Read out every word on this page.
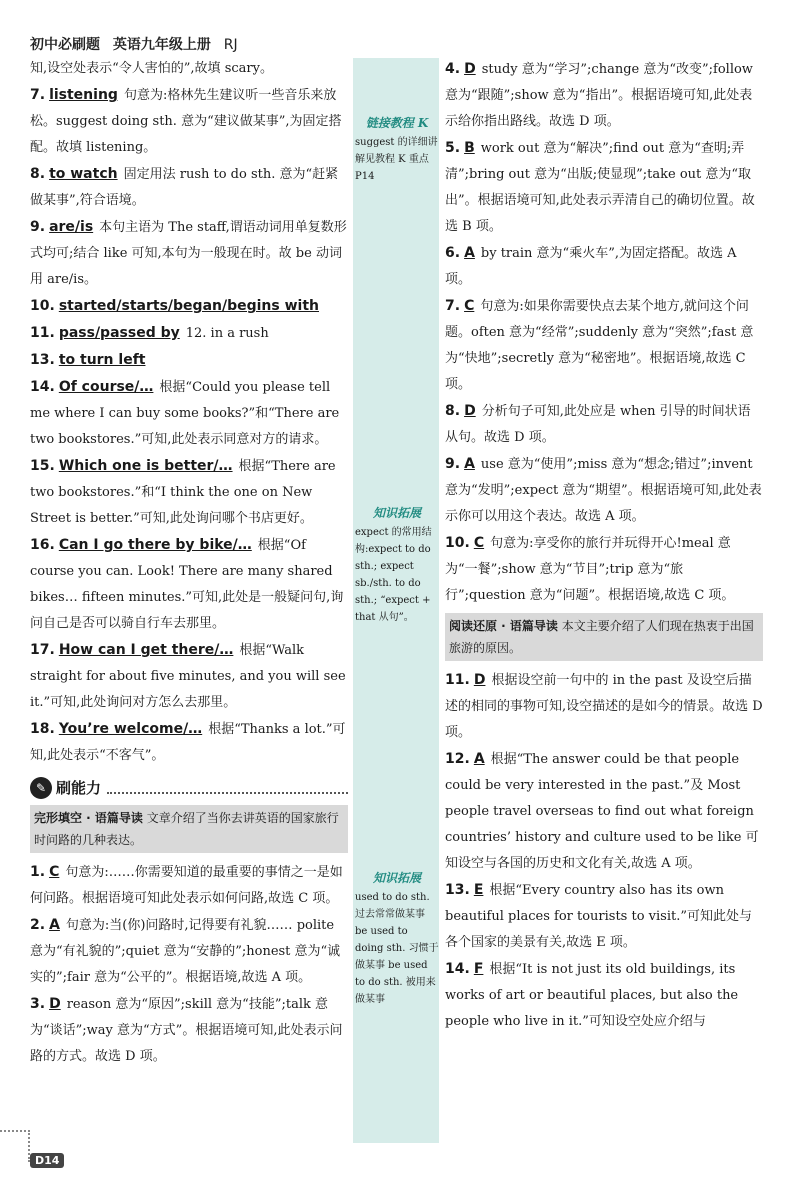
初中必刷题 英语九年级上册 RJ
链接教程 K
suggest 的详细讲解见教程 K 重点 P14
知识拓展
expect 的常用结构:expect to do sth.; expect sb./sth. to do sth.; “expect + that 从句”。
知识拓展
used to do sth. 过去常常做某事 be used to doing sth. 习惯于做某事 be used to do sth. 被用来做某事

知,设空处表示“令人害怕的”,故填 scary。

7. listening 句意为:格林先生建议听一些音乐来放松。suggest doing sth. 意为“建议做某事”,为固定搭配。故填 listening。

8. to watch 固定用法 rush to do sth. 意为“赶紧做某事”,符合语境。

9. are/is 本句主语为 The staff,谓语动词用单复数形式均可;结合 like 可知,本句为一般现在时。故 be 动词用 are/is。

10. started/starts/began/begins with

11. pass/passed by 12. in a rush

13. to turn left

14. Of course/… 根据“Could you please tell me where I can buy some books?”和“There are two bookstores.”可知,此处表示同意对方的请求。

15. Which one is better/… 根据“There are two bookstores.”和“I think the one on New Street is better.”可知,此处询问哪个书店更好。

16. Can I go there by bike/… 根据“Of course you can. Look! There are many shared bikes… fifteen minutes.”可知,此处是一般疑问句,询问自己是否可以骑自行车去那里。

17. How can I get there/… 根据“Walk straight for about five minutes, and you will see it.”可知,此处询问对方怎么去那里。

18. You’re welcome/… 根据“Thanks a lot.”可知,此处表示“不客气”。

✎ 刷能力
完形填空 · 语篇导读 文章介绍了当你去讲英语的国家旅行时问路的几种表达。

1. C 句意为:……你需要知道的最重要的事情之一是如何问路。根据语境可知此处表示如何问路,故选 C 项。

2. A 句意为:当(你)问路时,记得要有礼貌…… polite 意为“有礼貌的”;quiet 意为“安静的”;honest 意为“诚实的”;fair 意为“公平的”。根据语境,故选 A 项。

3. D reason 意为“原因”;skill 意为“技能”;talk 意为“谈话”;way 意为“方式”。根据语境可知,此处表示问路的方式。故选 D 项。

4. D study 意为“学习”;change 意为“改变”;follow 意为“跟随”;show 意为“指出”。根据语境可知,此处表示给你指出路线。故选 D 项。

5. B work out 意为“解决”;find out 意为“查明;弄清”;bring out 意为“出版;使显现”;take out 意为“取出”。根据语境可知,此处表示弄清自己的确切位置。故选 B 项。

6. A by train 意为“乘火车”,为固定搭配。故选 A 项。

7. C 句意为:如果你需要快点去某个地方,就问这个问题。often 意为“经常”;suddenly 意为“突然”;fast 意为“快地”;secretly 意为“秘密地”。根据语境,故选 C 项。

8. D 分析句子可知,此处应是 when 引导的时间状语从句。故选 D 项。

9. A use 意为“使用”;miss 意为“想念;错过”;invent 意为“发明”;expect 意为“期望”。根据语境可知,此处表示你可以用这个表达。故选 A 项。

10. C 句意为:享受你的旅行并玩得开心!meal 意为“一餐”;show 意为“节目”;trip 意为“旅行”;question 意为“问题”。根据语境,故选 C 项。

阅读还原 · 语篇导读 本文主要介绍了人们现在热衷于出国旅游的原因。

11. D 根据设空前一句中的 in the past 及设空后描述的相同的事物可知,设空描述的是如今的情景。故选 D 项。

12. A 根据“The answer could be that people could be very interested in the past.”及 Most people travel overseas to find out what foreign countries’ history and culture used to be like 可知设空与各国的历史和文化有关,故选 A 项。

13. E 根据“Every country also has its own beautiful places for tourists to visit.”可知此处与各个国家的美景有关,故选 E 项。

14. F 根据“It is not just its old buildings, its works of art or beautiful places, but also the people who live in it.”可知设空处应介绍与

D14
